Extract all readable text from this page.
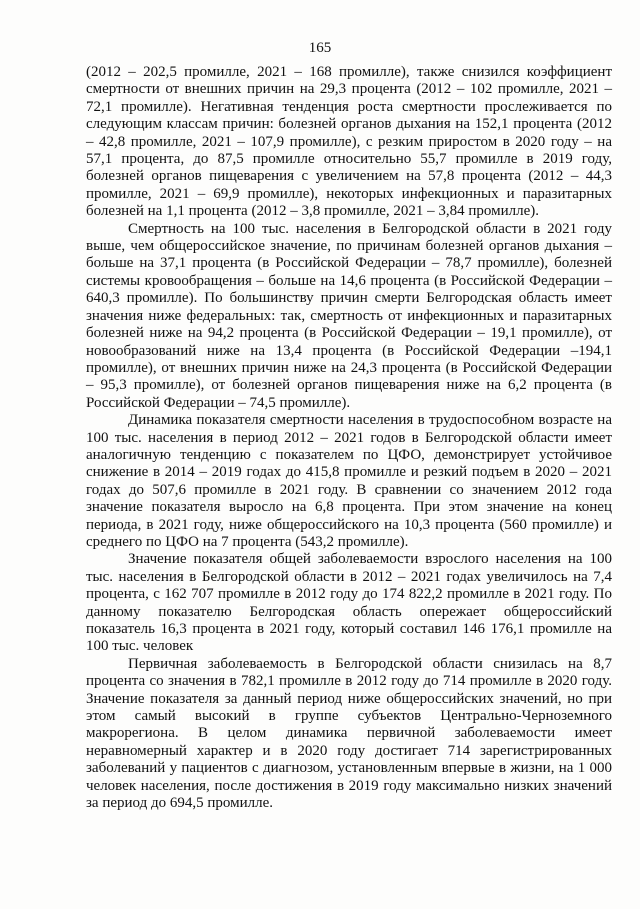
165

(2012 – 202,5 промилле, 2021 – 168 промилле), также снизился коэффициент смертности от внешних причин на 29,3 процента (2012 – 102 промилле, 2021 – 72,1 промилле). Негативная тенденция роста смертности прослеживается по следующим классам причин: болезней органов дыхания на 152,1 процента (2012 – 42,8 промилле, 2021 – 107,9 промилле), с резким приростом в 2020 году – на 57,1 процента, до 87,5 промилле относительно 55,7 промилле в 2019 году, болезней органов пищеварения с увеличением на 57,8 процента (2012 – 44,3 промилле, 2021 – 69,9 промилле), некоторых инфекционных и паразитарных болезней на 1,1 процента (2012 – 3,8 промилле, 2021 – 3,84 промилле).

Смертность на 100 тыс. населения в Белгородской области в 2021 году выше, чем общероссийское значение, по причинам болезней органов дыхания – больше на 37,1 процента (в Российской Федерации – 78,7 промилле), болезней системы кровообращения – больше на 14,6 процента (в Российской Федерации – 640,3 промилле). По большинству причин смерти Белгородская область имеет значения ниже федеральных: так, смертность от инфекционных и паразитарных болезней ниже на 94,2 процента (в Российской Федерации – 19,1 промилле), от новообразований ниже на 13,4 процента (в Российской Федерации –194,1 промилле), от внешних причин ниже на 24,3 процента (в Российской Федерации – 95,3 промилле), от болезней органов пищеварения ниже на 6,2 процента (в Российской Федерации – 74,5 промилле).

Динамика показателя смертности населения в трудоспособном возрасте на 100 тыс. населения в период 2012 – 2021 годов в Белгородской области имеет аналогичную тенденцию с показателем по ЦФО, демонстрирует устойчивое снижение в 2014 – 2019 годах до 415,8 промилле и резкий подъем в 2020 – 2021 годах до 507,6 промилле в 2021 году. В сравнении со значением 2012 года значение показателя выросло на 6,8 процента. При этом значение на конец периода, в 2021 году, ниже общероссийского на 10,3 процента (560 промилле) и среднего по ЦФО на 7 процента (543,2 промилле).

Значение показателя общей заболеваемости взрослого населения на 100 тыс. населения в Белгородской области в 2012 – 2021 годах увеличилось на 7,4 процента, с 162 707 промилле в 2012 году до 174 822,2 промилле в 2021 году. По данному показателю Белгородская область опережает общероссийский показатель 16,3 процента в 2021 году, который составил 146 176,1 промилле на 100 тыс. человек

Первичная заболеваемость в Белгородской области снизилась на 8,7 процента со значения в 782,1 промилле в 2012 году до 714 промилле в 2020 году. Значение показателя за данный период ниже общероссийских значений, но при этом самый высокий в группе субъектов Центрально-Черноземного макрорегиона. В целом динамика первичной заболеваемости имеет неравномерный характер и в 2020 году достигает 714 зарегистрированных заболеваний у пациентов с диагнозом, установленным впервые в жизни, на 1 000 человек населения, после достижения в 2019 году максимально низких значений за период до 694,5 промилле.
